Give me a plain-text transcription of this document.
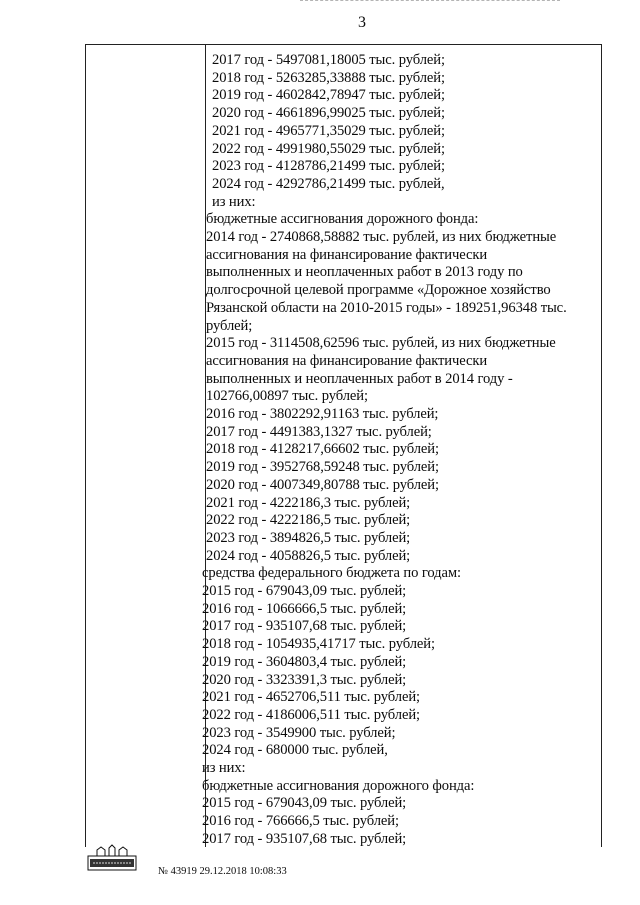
3
2017 год - 5497081,18005 тыс. рублей;
2018 год - 5263285,33888 тыс. рублей;
2019 год - 4602842,78947 тыс. рублей;
2020 год - 4661896,99025 тыс. рублей;
2021 год - 4965771,35029 тыс. рублей;
2022 год - 4991980,55029 тыс. рублей;
2023 год - 4128786,21499 тыс. рублей;
2024 год - 4292786,21499 тыс. рублей,
из них:
бюджетные ассигнования дорожного фонда:
2014 год - 2740868,58882 тыс. рублей, из них бюджетные
ассигнования на финансирование фактически
выполненных и неоплаченных работ в 2013 году по
долгосрочной целевой программе «Дорожное хозяйство
Рязанской области на 2010-2015 годы» - 189251,96348 тыс.
рублей;
2015 год - 3114508,62596 тыс. рублей, из них бюджетные
ассигнования на финансирование фактически
выполненных и неоплаченных работ в 2014 году -
102766,00897 тыс. рублей;
2016 год - 3802292,91163 тыс. рублей;
2017 год - 4491383,1327 тыс. рублей;
2018 год - 4128217,66602 тыс. рублей;
2019 год - 3952768,59248 тыс. рублей;
2020 год - 4007349,80788 тыс. рублей;
2021 год - 4222186,3 тыс. рублей;
2022 год - 4222186,5 тыс. рублей;
2023 год - 3894826,5 тыс. рублей;
2024 год - 4058826,5 тыс. рублей;
средства федерального бюджета по годам:
2015 год - 679043,09 тыс. рублей;
2016 год - 1066666,5 тыс. рублей;
2017 год - 935107,68 тыс. рублей;
2018 год - 1054935,41717 тыс. рублей;
2019 год - 3604803,4 тыс. рублей;
2020 год - 3323391,3 тыс. рублей;
2021 год - 4652706,511 тыс. рублей;
2022 год - 4186006,511 тыс. рублей;
2023 год - 3549900 тыс. рублей;
2024 год - 680000 тыс. рублей,
из них:
бюджетные ассигнования дорожного фонда:
2015 год - 679043,09 тыс. рублей;
2016 год - 766666,5 тыс. рублей;
2017 год - 935107,68 тыс. рублей;
№ 43919 29.12.2018 10:08:33
